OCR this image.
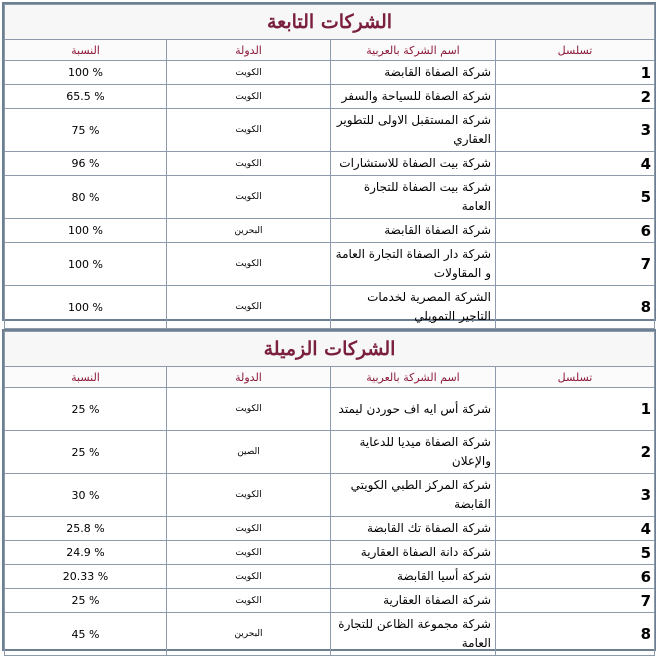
الشركات التابعة			
النسبة	الدولة	اسم الشركة بالعربية	تسلسل
100 %	الكويت	شركة الصفاة القابضة	1
65.5 %	الكويت	شركة الصفاة للسياحة والسفر	2
75 %	الكويت	شركة المستقبل الاولى للتطوير العقاري	3
96 %	الكويت	شركة بيت الصفاة للاستشارات	4
80 %	الكويت	شركة بيت الصفاة للتجارة العامة	5
100 %	البحرين	شركة الصفاة القابضة	6
100 %	الكويت	شركة دار الصفاة التجارة العامة و المقاولات	7
100 %	الكويت	الشركة المصرية لخدمات التاجير التمويلي	8
الشركات الزميلة			
النسبة	الدولة	اسم الشركة بالعربية	تسلسل
25 %	الكويت	شركة أس ايه اف حوردن ليمتد	1
25 %	الصين	شركة الصفاة ميديا للدعاية والإعلان	2
30 %	الكويت	شركة المركز الطبي الكويتي القابضة	3
25.8 %	الكويت	شركة الصفاة تك القابضة	4
24.9 %	الكويت	شركة دانة الصفاة العقارية	5
20.33 %	الكويت	شركة أسيا القابضة	6
25 %	الكويت	شركة الصفاة العقارية	7
45 %	البحرين	شركة مجموعة الظاعن للتجارة العامة	8
